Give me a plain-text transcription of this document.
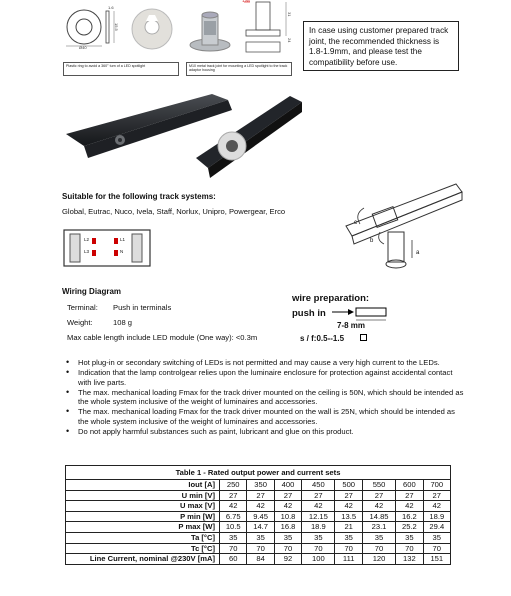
Ø40
1.6
15.5
1.85
31
24
Plastic ring to avoid a 360° turn of a LED spotlight	M10 metal track joint for mounting a LED spotlight to the track adaptor housing
In case using customer prepared track joint, the recommended thickness is 1.8-1.9mm, and please test the compatibility before use.
Suitable for the following track systems:
Global, Eutrac, Nuco, Ivela, Staff, Norlux, Unipro, Powergear, Erco
L2	L1
L3	N
c
b
a
Wiring Diagram
Terminal: Push in terminals
Weight:	108 g
Max cable length include LED module (One way): <0.3m
wire preparation:
push in
7-8 mm
s / f:0.5--1.5
• Hot plug-in or secondary switching of LEDs is not permitted and may cause a very high current to the LEDs.
• Indication that the lamp controlgear relies upon the luminaire enclosure for protection against accidental contact with live parts.
• The max. mechanical loading Fmax for the track driver mounted on the ceiling is 50N, which should be intended as the whole system inclusive of the weight of luminaires and accessories.
• The max. mechanical loading Fmax for the track driver mounted on the wall is 25N, which should be intended as the whole system inclusive of the weight of luminaires and accessories.
• Do not apply harmful substances such as paint, lubricant and glue on this product.
Table 1 - Rated output power and current sets								
Iout [A]	250	350	400	450	500	550	600	700
U min [V]	27	27	27	27	27	27	27	27
U max [V]	42	42	42	42	42	42	42	42
P min [W]	6.75	9.45	10.8	12.15	13.5	14.85	16.2	18.9
P max [W]	10.5	14.7	16.8	18.9	21	23.1	25.2	29.4
Ta [°C]	35	35	35	35	35	35	35	35
Tc [°C]	70	70	70	70	70	70	70	70
Line Current, nominal @230V [mA]	60	84	92	100	111	120	132	151
